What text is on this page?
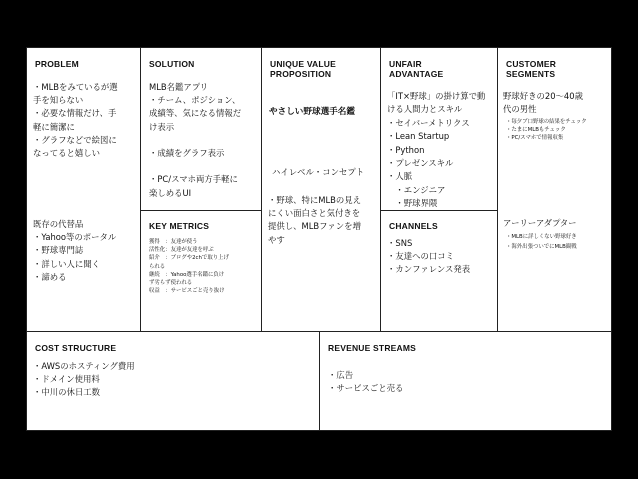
PROBLEM
・MLBをみているが選
手を知らない
・必要な情報だけ、手
軽に簡潔に
・グラフなどで絵図に
なってると嬉しい
既存の代替品
・Yahoo等のポータル
・野球専門誌
・詳しい人に聞く
・諦める
SOLUTION
MLB名鑑アプリ
・チーム、ポジション、
成績等、気になる情報だ
け表示

・成績をグラフ表示

・PC/スマホ両方手軽に
楽しめるUI
KEY METRICS
獲得　：友達が使う
活性化：友達が友達を呼ぶ
紹介　：ブログや2chで取り上げ
られる
継続　：Yahoo選手名鑑に負け
ず劣らず使われる
収益　：サービスごと売り抜け
UNIQUE VALUE
PROPOSITION
やさしい野球選手名鑑
ハイレベル・コンセプト
・野球、特にMLBの見え
にくい面白さと気付きを
提供し、MLBファンを増
やす
UNFAIR
ADVANTAGE
「IT×野球」の掛け算で動
ける人間力とスキル
・セイバーメトリクス
・Lean Startup
・Python
・プレゼンスキル
・人脈
　・エンジニア
　・野球界隈
CHANNELS
・SNS
・友達への口コミ
・カンファレンス発表
CUSTOMER
SEGMENTS
野球好きの20〜40歳
代の男性
・毎夕ブ口野球の結果をチェック
・たまにMLBもチェック
・PC/スマホで情報収集
アーリーアダプター
・MLBに詳しくない野球好き
・海外出張ついでにMLB観戦
COST STRUCTURE
・AWSのホスティング費用
・ドメイン使用料
・中川の休日工数
REVENUE STREAMS
・広告
・サービスごと売る
